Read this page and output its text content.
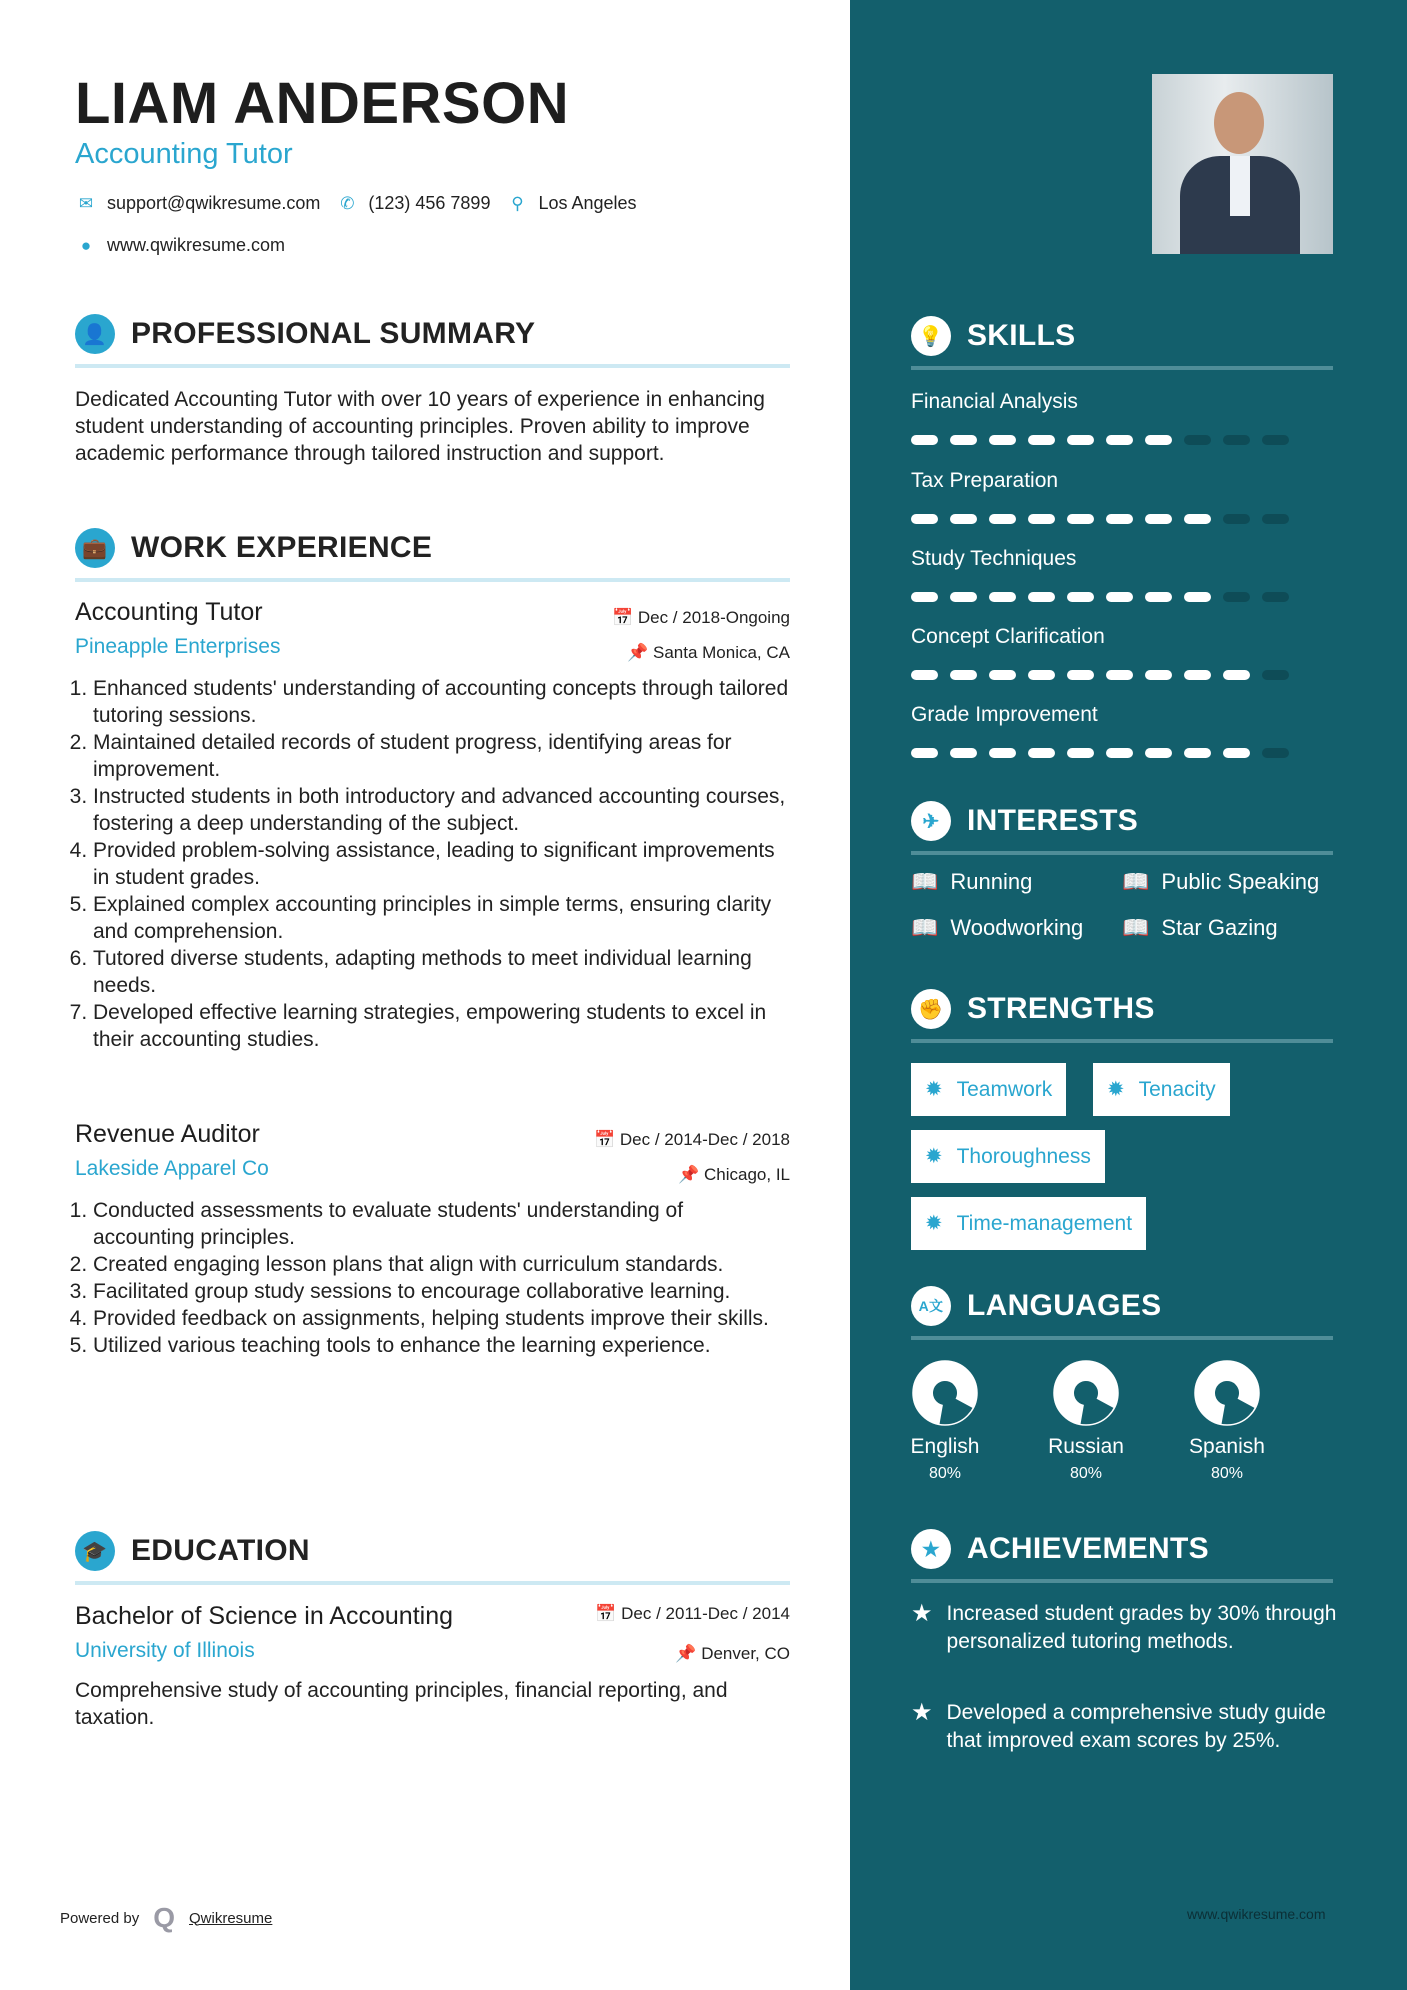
LIAM ANDERSON
Accounting Tutor
✉ support@qwikresume.com ✆ (123) 456 7899 ⚲ Los Angeles
● www.qwikresume.com
👤 PROFESSIONAL SUMMARY

Dedicated Accounting Tutor with over 10 years of experience in enhancing student understanding of accounting principles. Proven ability to improve academic performance through tailored instruction and support.

💼 WORK EXPERIENCE
Accounting Tutor
Pineapple Enterprises
📅 Dec / 2018-Ongoing
📌 Santa Monica, CA
1. Enhanced students' understanding of accounting concepts through tailored tutoring sessions.
2. Maintained detailed records of student progress, identifying areas for improvement.
3. Instructed students in both introductory and advanced accounting courses, fostering a deep understanding of the subject.
4. Provided problem-solving assistance, leading to significant improvements in student grades.
5. Explained complex accounting principles in simple terms, ensuring clarity and comprehension.
6. Tutored diverse students, adapting methods to meet individual learning needs.
7. Developed effective learning strategies, empowering students to excel in their accounting studies.
Revenue Auditor
Lakeside Apparel Co
📅 Dec / 2014-Dec / 2018
📌 Chicago, IL
1. Conducted assessments to evaluate students' understanding of accounting principles.
2. Created engaging lesson plans that align with curriculum standards.
3. Facilitated group study sessions to encourage collaborative learning.
4. Provided feedback on assignments, helping students improve their skills.
5. Utilized various teaching tools to enhance the learning experience.
🎓 EDUCATION
Bachelor of Science in Accounting
University of Illinois
📅 Dec / 2011-Dec / 2014
📌 Denver, CO

Comprehensive study of accounting principles, financial reporting, and taxation.

💡 SKILLS
Financial Analysis
Tax Preparation
Study Techniques
Concept Clarification
Grade Improvement
✈ INTERESTS
📖 Running	📖 Public Speaking
📖 Woodworking 📖 Star Gazing
✊ STRENGTHS
✹ Teamwork	✹ Tenacity
✹ Thoroughness
✹ Time-management
A文 LANGUAGES
English
80%
Russian
80%
Spanish
80%
★ ACHIEVEMENTS
★ Increased student grades by 30% through personalized tutoring methods.
★ Developed a comprehensive study guide that improved exam scores by 25%.
Powered by Q Qwikresume	www.qwikresume.com
